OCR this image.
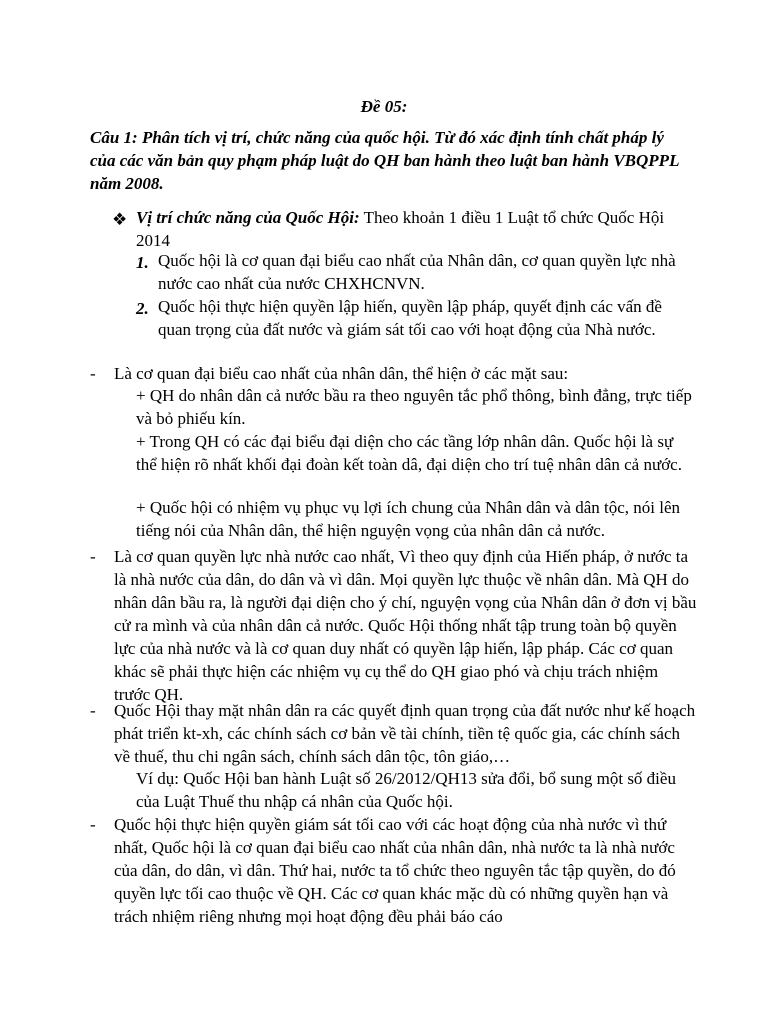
Đề 05:
Câu 1: Phân tích vị trí, chức năng của quốc hội. Từ đó xác định tính chất pháp lý của các văn bản quy phạm pháp luật do QH ban hành theo luật ban hành VBQPPL năm 2008.
❖ Vị trí chức năng của Quốc Hội: Theo khoản 1 điều 1 Luật tổ chức Quốc Hội 2014
1. Quốc hội là cơ quan đại biểu cao nhất của Nhân dân, cơ quan quyền lực nhà nước cao nhất của nước CHXHCNVN.
2. Quốc hội thực hiện quyền lập hiến, quyền lập pháp, quyết định các vấn đề quan trọng của đất nước và giám sát tối cao với hoạt động của Nhà nước.
- Là cơ quan đại biểu cao nhất của nhân dân, thể hiện ở các mặt sau:
+ QH do nhân dân cả nước bầu ra theo nguyên tắc phổ thông, bình đẳng, trực tiếp và bỏ phiếu kín.
+ Trong QH có các đại biểu đại diện cho các tầng lớp nhân dân. Quốc hội là sự thể hiện rõ nhất khối đại đoàn kết toàn dâ, đại diện cho trí tuệ nhân dân cả nước.
+ Quốc hội có nhiệm vụ phục vụ lợi ích chung của Nhân dân và dân tộc, nói lên tiếng nói của Nhân dân, thể hiện nguyện vọng của nhân dân cả nước.
- Là cơ quan quyền lực nhà nước cao nhất, Vì theo quy định của Hiến pháp, ở nước ta là nhà nước của dân, do dân và vì dân. Mọi quyền lực thuộc về nhân dân. Mà QH do nhân dân bầu ra, là người đại diện cho ý chí, nguyện vọng của Nhân dân ở đơn vị bầu cử ra mình và của nhân dân cả nước. Quốc Hội thống nhất tập trung toàn bộ quyền lực của nhà nước và là cơ quan duy nhất có quyền lập hiến, lập pháp. Các cơ quan khác sẽ phải thực hiện các nhiệm vụ cụ thể do QH giao phó và chịu trách nhiệm trước QH.
- Quốc Hội thay mặt nhân dân ra các quyết định quan trọng của đất nước như kế hoạch phát triển kt-xh, các chính sách cơ bản về tài chính, tiền tệ quốc gia, các chính sách về thuế, thu chi ngân sách, chính sách dân tộc, tôn giáo,…
Ví dụ: Quốc Hội ban hành Luật số 26/2012/QH13 sửa đổi, bổ sung một số điều của Luật Thuế thu nhập cá nhân của Quốc hội.
- Quốc hội thực hiện quyền giám sát tối cao với các hoạt động của nhà nước vì thứ nhất, Quốc hội là cơ quan đại biểu cao nhất của nhân dân, nhà nước ta là nhà nước của dân, do dân, vì dân. Thứ hai, nước ta tổ chức theo nguyên tắc tập quyền, do đó quyền lực tối cao thuộc về QH. Các cơ quan khác mặc dù có những quyền hạn và trách nhiệm riêng nhưng mọi hoạt động đều phải báo cáo
